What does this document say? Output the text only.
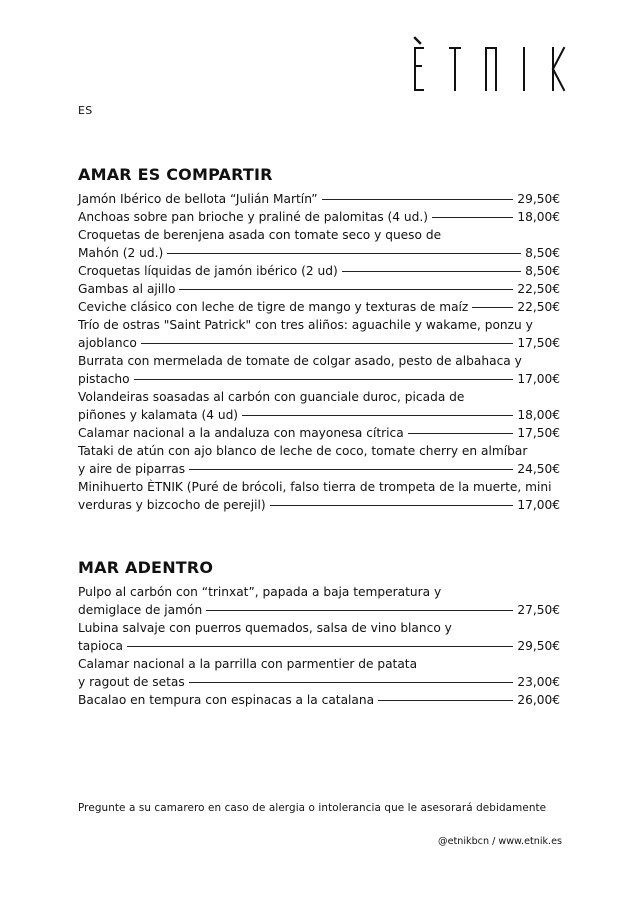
ES
AMAR ES COMPARTIR
Jamón Ibérico de bellota “Julián Martín”	29,50€
Anchoas sobre pan brioche y praliné de palomitas (4 ud.)	18,00€
Croquetas de berenjena asada con tomate seco y queso de
Mahón (2 ud.)	8,50€
Croquetas líquidas de jamón ibérico (2 ud)	8,50€
Gambas al ajillo	22,50€
Ceviche clásico con leche de tigre de mango y texturas de maíz	22,50€
Trío de ostras "Saint Patrick" con tres aliños: aguachile y wakame, ponzu y
ajoblanco	17,50€
Burrata con mermelada de tomate de colgar asado, pesto de albahaca y
pistacho	17,00€
Volandeiras soasadas al carbón con guanciale duroc, picada de
piñones y kalamata (4 ud)	18,00€
Calamar nacional a la andaluza con mayonesa cítrica	17,50€
Tataki de atún con ajo blanco de leche de coco, tomate cherry en almíbar
y aire de piparras	24,50€
Minihuerto ÈTNIK (Puré de brócoli, falso tierra de trompeta de la muerte, mini
verduras y bizcocho de perejil)	17,00€
MAR ADENTRO
Pulpo al carbón con “trinxat”, papada a baja temperatura y
demiglace de jamón	27,50€
Lubina salvaje con puerros quemados, salsa de vino blanco y
tapioca	29,50€
Calamar nacional a la parrilla con parmentier de patata
y ragout de setas	23,00€
Bacalao en tempura con espinacas a la catalana	26,00€
Pregunte a su camarero en caso de alergia o intolerancia que le asesorará debidamente
@etnikbcn / www.etnik.es
